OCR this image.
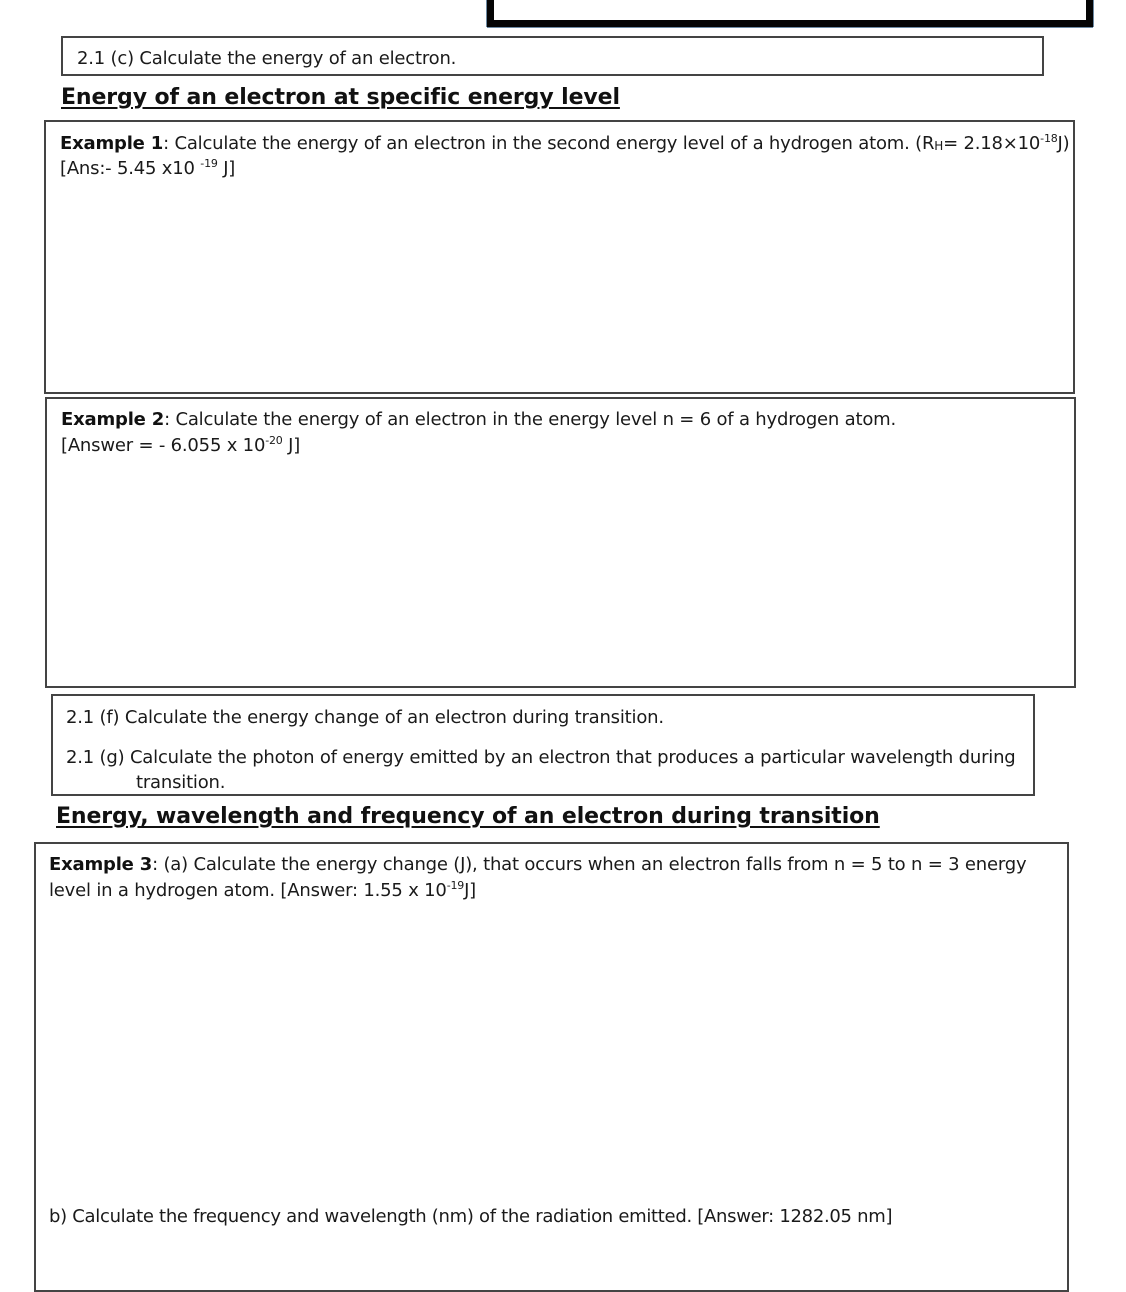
2.1 (c) Calculate the energy of an electron.
Energy of an electron at specific energy level
Example 1: Calculate the energy of an electron in the second energy level of a hydrogen atom. $(R_H= 2.18\times 10^{-18}J)$
[Ans:- 5.45 x10 $^{-19}$ J]
Example 2: Calculate the energy of an electron in the energy level n = 6 of a hydrogen atom.
[Answer = - 6.055 x $10^{-20}$ J]
2.1 (f) Calculate the energy change of an electron during transition.
2.1 (g) Calculate the photon of energy emitted by an electron that produces a particular wavelength during
transition.
Energy, wavelength and frequency of an electron during transition
Example 3: (a) Calculate the energy change (J), that occurs when an electron falls from n = 5 to n = 3 energy
level in a hydrogen atom. [Answer: 1.55 x $10^{-19}J$]
b) Calculate the frequency and wavelength (nm) of the radiation emitted. [Answer: 1282.05 nm]
